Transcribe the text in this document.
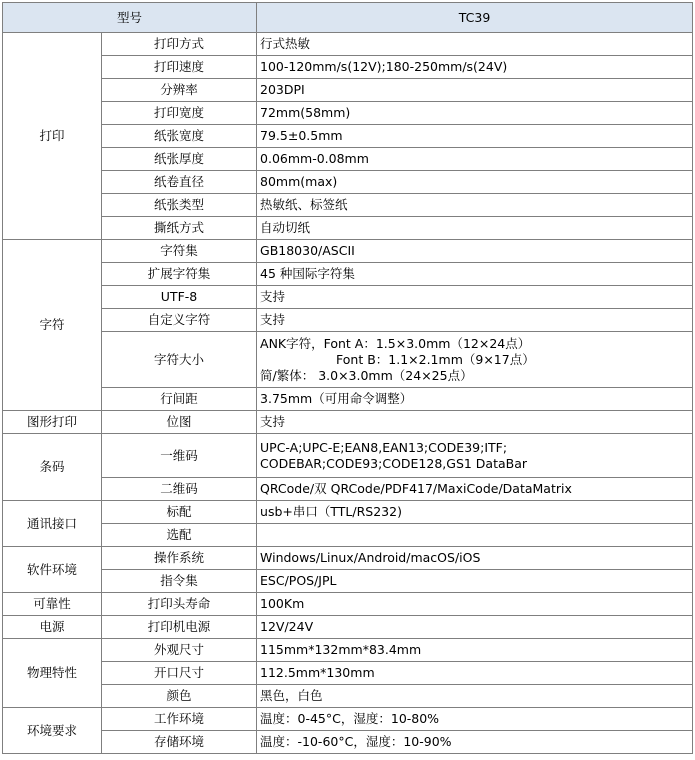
型号		TC39
打印	打印方式	行式热敏
	打印速度	100-120mm/s(12V);180-250mm/s(24V)
	分辨率	203DPI
	打印宽度	72mm(58mm)
	纸张宽度	79.5±0.5mm
	纸张厚度	0.06mm-0.08mm
	纸卷直径	80mm(max)
	纸张类型	热敏纸、标签纸
	撕纸方式	自动切纸
字符	字符集	GB18030/ASCII
	扩展字符集	45 种国际字符集
	UTF-8	支持
	自定义字符	支持
	字符大小	ANK字符，Font A：1.5×3.0mm（12×24点）
Font B：1.1×2.1mm（9×17点）
简/繁体： 3.0×3.0mm（24×25点）

	行间距	3.75mm（可用命令调整）
图形打印	位图	支持
条码	一维码	UPC-A;UPC-E;EAN8,EAN13;CODE39;ITF;
CODEBAR;CODE93;CODE128,GS1 DataBar

	二维码	QRCode/双 QRCode/PDF417/MaxiCode/DataMatrix
通讯接口	标配	usb+串口（TTL/RS232)
	选配	
软件环境	操作系统	Windows/Linux/Android/macOS/iOS
	指令集	ESC/POS/JPL
可靠性	打印头寿命	100Km
电源	打印机电源	12V/24V
物理特性	外观尺寸	115mm*132mm*83.4mm
	开口尺寸	112.5mm*130mm
	颜色	黑色，白色
环境要求	工作环境	温度：0-45°C，湿度：10-80%
	存储环境	温度：-10-60°C，湿度：10-90%
